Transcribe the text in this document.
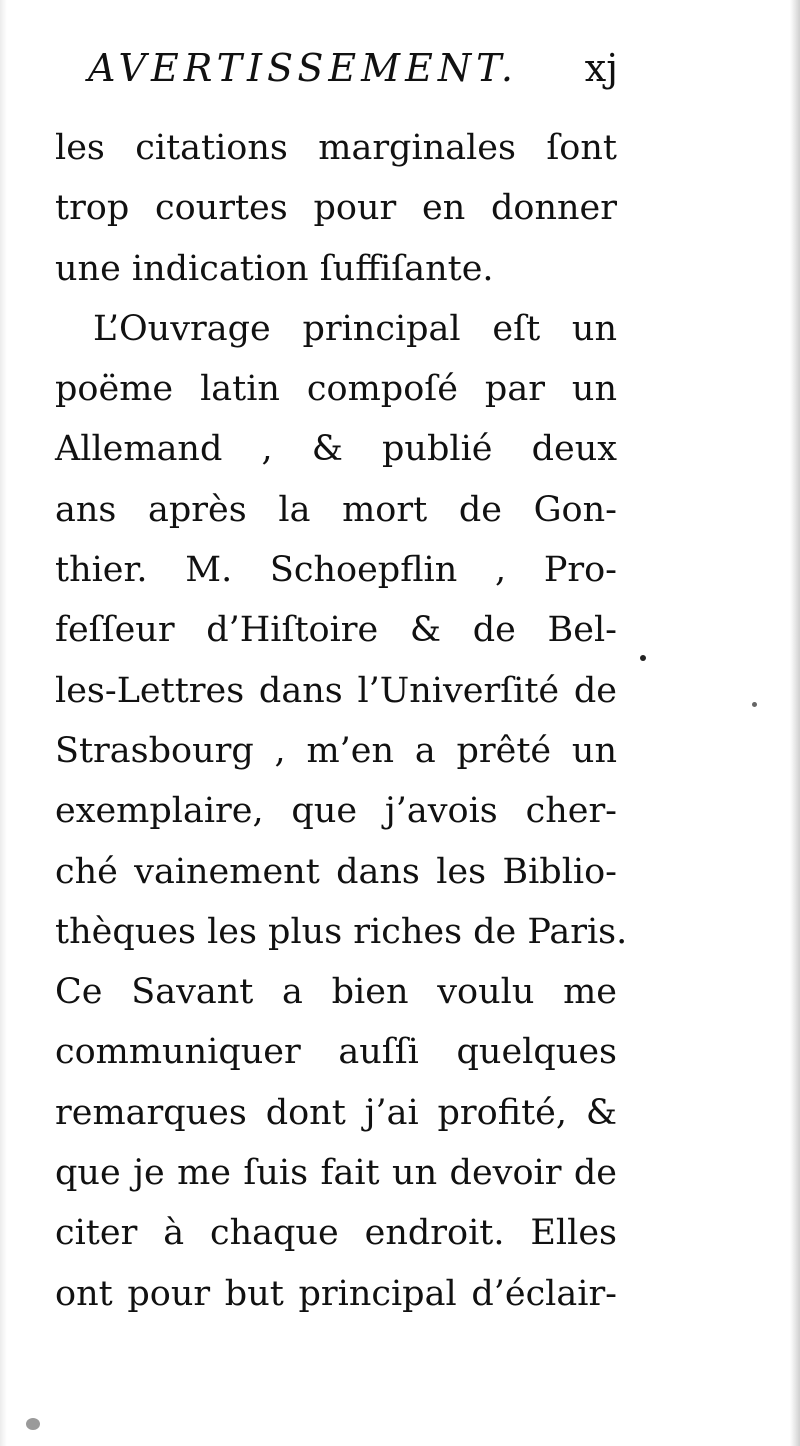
AVERTISSEMENT. xj
les citations marginales ſont
trop courtes pour en donner
une indication ſuffiſante.
L’Ouvrage principal eſt un
poëme latin compoſé par un
Allemand , & publié deux
ans après la mort de Gon-
thier. M. Schoepflin , Pro-
feſſeur d’Hiſtoire & de Bel-
les-Lettres dans l’Univerſité de
Strasbourg , m’en a prêté un
exemplaire, que j’avois cher-
ché vainement dans les Biblio-
thèques les plus riches de Paris.
Ce Savant a bien voulu me
communiquer auſſi quelques
remarques dont j’ai profité, &
que je me ſuis fait un devoir de
citer à chaque endroit. Elles
ont pour but principal d’éclair-
